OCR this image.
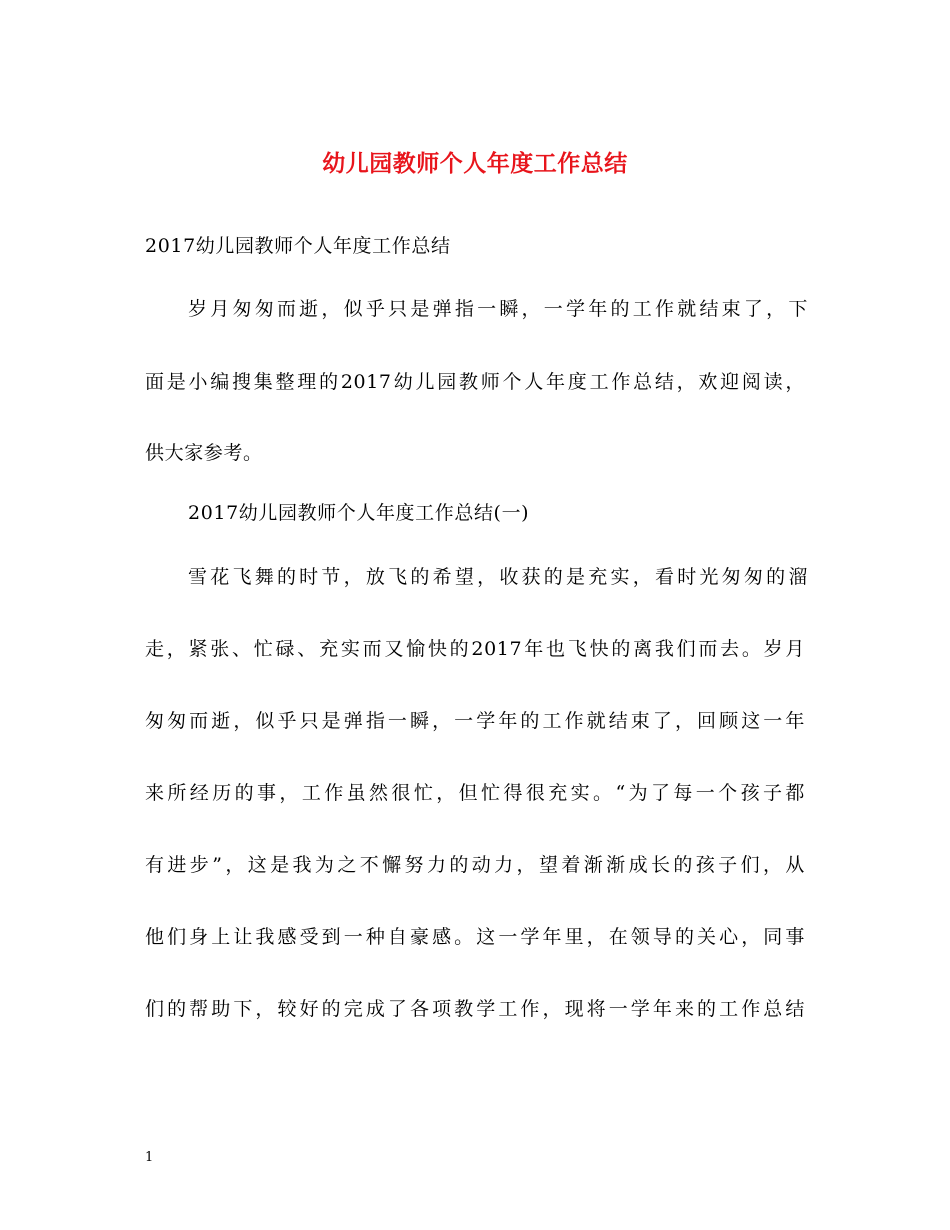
幼儿园教师个人年度工作总结
2017幼儿园教师个人年度工作总结
岁月匆匆而逝，似乎只是弹指一瞬，一学年的工作就结束了，下
面是小编搜集整理的2017幼儿园教师个人年度工作总结，欢迎阅读，
供大家参考。
2017幼儿园教师个人年度工作总结(一)
雪花飞舞的时节，放飞的希望，收获的是充实，看时光匆匆的溜
走，紧张、忙碌、充实而又愉快的2017年也飞快的离我们而去。岁月
匆匆而逝，似乎只是弹指一瞬，一学年的工作就结束了，回顾这一年
来所经历的事，工作虽然很忙，但忙得很充实。“为了每一个孩子都
有进步”，这是我为之不懈努力的动力，望着渐渐成长的孩子们，从
他们身上让我感受到一种自豪感。这一学年里，在领导的关心，同事
们的帮助下，较好的完成了各项教学工作，现将一学年来的工作总结
1
